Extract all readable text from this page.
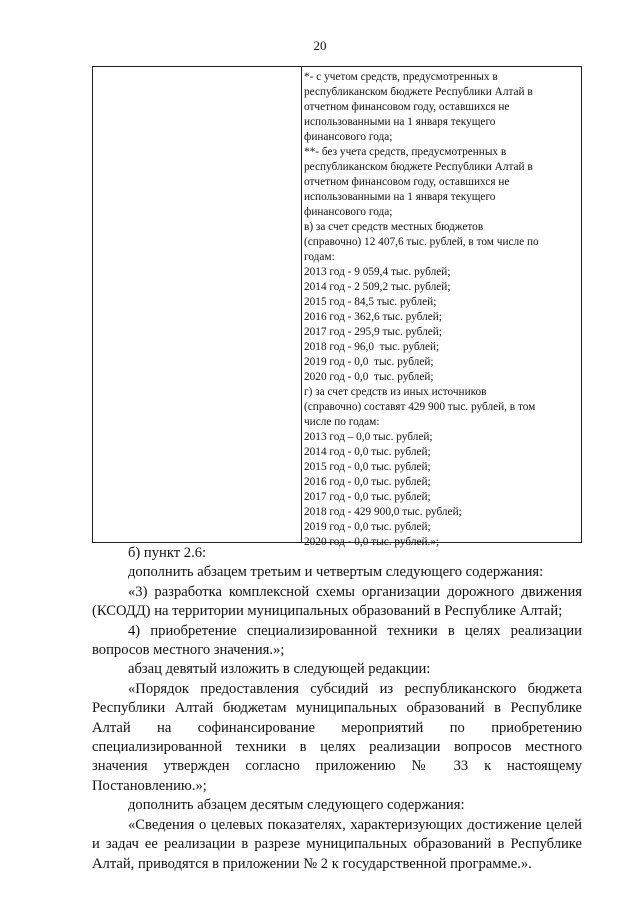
20
*- с учетом средств, предусмотренных в
республиканском бюджете Республики Алтай в
отчетном финансовом году, оставшихся не
использованными на 1 января текущего
финансового года;
**- без учета средств, предусмотренных в
республиканском бюджете Республики Алтай в
отчетном финансовом году, оставшихся не
использованными на 1 января текущего
финансового года;
в) за счет средств местных бюджетов
(справочно) 12 407,6 тыс. рублей, в том числе по
годам:
2013 год - 9 059,4 тыс. рублей;
2014 год - 2 509,2 тыс. рублей;
2015 год - 84,5 тыс. рублей;
2016 год - 362,6 тыс. рублей;
2017 год - 295,9 тыс. рублей;
2018 год - 96,0  тыс. рублей;
2019 год - 0,0  тыс. рублей;
2020 год - 0,0  тыс. рублей;
г) за счет средств из иных источников
(справочно) составят 429 900 тыс. рублей, в том
числе по годам:
2013 год – 0,0 тыс. рублей;
2014 год - 0,0 тыс. рублей;
2015 год - 0,0 тыс. рублей;
2016 год - 0,0 тыс. рублей;
2017 год - 0,0 тыс. рублей;
2018 год - 429 900,0 тыс. рублей;
2019 год - 0,0 тыс. рублей;
2020 год - 0,0 тыс. рублей.»;

б) пункт 2.6:

дополнить абзацем третьим и четвертым следующего содержания:

«3) разработка комплексной схемы организации дорожного движения (КСОДД) на территории муниципальных образований в Республике Алтай;

4) приобретение специализированной техники в целях реализации вопросов местного значения.»;

абзац девятый изложить в следующей редакции:

«Порядок предоставления субсидий из республиканского бюджета
Республики Алтай бюджетам муниципальных образований в Республике
Алтай на софинансирование мероприятий по приобретению
специализированной техники в целях реализации вопросов местного
значения утвержден согласно приложению № 33 к настоящему
Постановлению.»;

дополнить абзацем десятым следующего содержания:

«Сведения о целевых показателях, характеризующих достижение целей и задач ее реализации в разрезе муниципальных образований в Республике Алтай, приводятся в приложении № 2 к государственной программе.».
